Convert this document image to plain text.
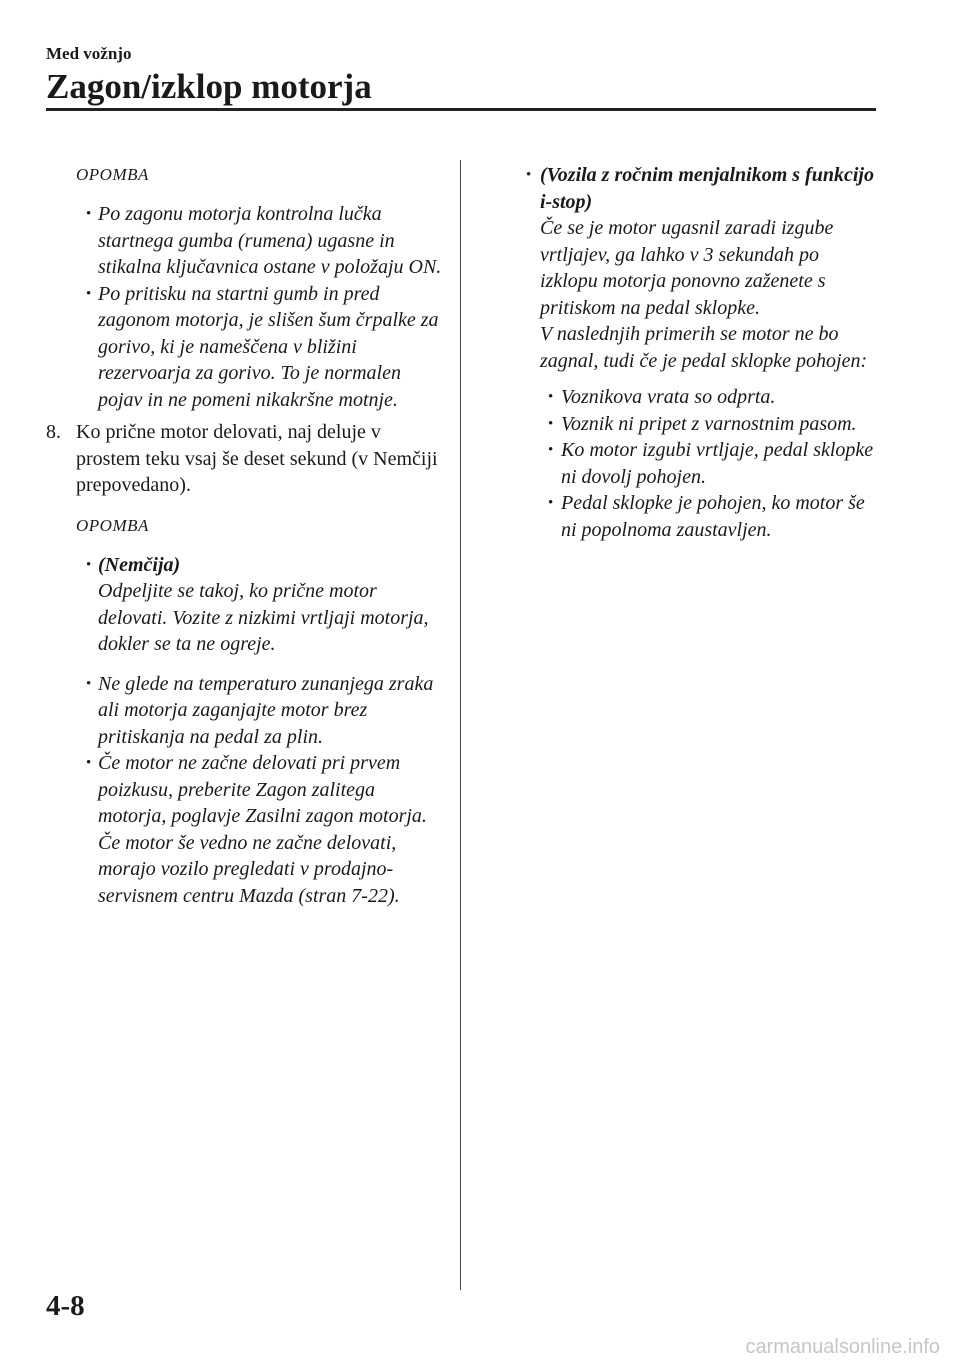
Med vožnjo
Zagon/izklop motorja
OPOMBA
• Po zagonu motorja kontrolna lučka startnega gumba (rumena) ugasne in stikalna ključavnica ostane v položaju ON.
• Po pritisku na startni gumb in pred zagonom motorja, je slišen šum črpalke za gorivo, ki je nameščena v bližini rezervoarja za gorivo. To je normalen pojav in ne pomeni nikakršne motnje.
8. Ko prične motor delovati, naj deluje v prostem teku vsaj še deset sekund (v Nemčiji prepovedano).
OPOMBA
• (Nemčija)
Odpeljite se takoj, ko prične motor delovati. Vozite z nizkimi vrtljaji motorja, dokler se ta ne ogreje.
• Ne glede na temperaturo zunanjega zraka ali motorja zaganjajte motor brez pritiskanja na pedal za plin.
• Če motor ne začne delovati pri prvem poizkusu, preberite Zagon zalitega motorja, poglavje Zasilni zagon motorja. Če motor še vedno ne začne delovati, morajo vozilo pregledati v prodajno-servisnem centru Mazda (stran 7-22).
• (Vozila z ročnim menjalnikom s funkcijo i-stop)
Če se je motor ugasnil zaradi izgube vrtljajev, ga lahko v 3 sekundah po izklopu motorja ponovno zaženete s pritiskom na pedal sklopke.
V naslednjih primerih se motor ne bo zagnal, tudi če je pedal sklopke pohojen:
• Voznikova vrata so odprta.
• Voznik ni pripet z varnostnim pasom.
• Ko motor izgubi vrtljaje, pedal sklopke ni dovolj pohojen.
• Pedal sklopke je pohojen, ko motor še ni popolnoma zaustavljen.
4-8
carmanualsonline.info
